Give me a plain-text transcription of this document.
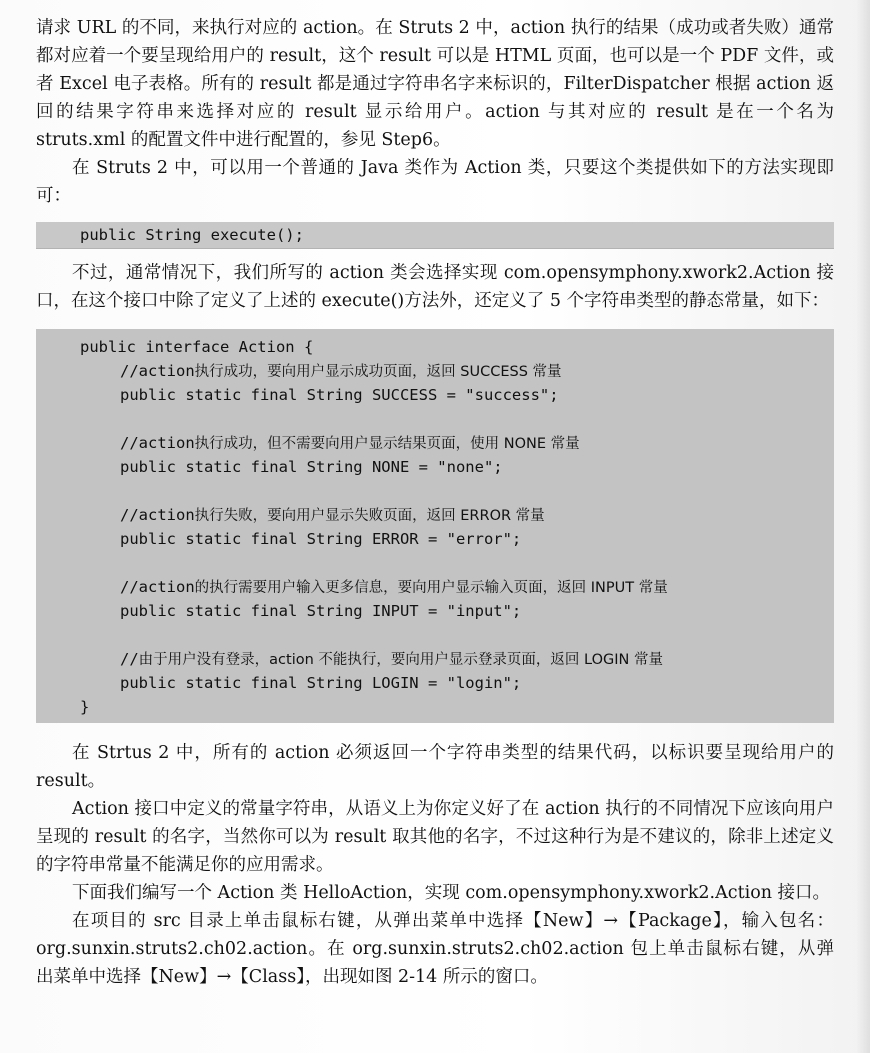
请求 URL 的不同，来执行对应的 action。在 Struts 2 中，action 执行的结果（成功或者失败）通常都对应着一个要呈现给用户的 result，这个 result 可以是 HTML 页面，也可以是一个 PDF 文件，或者 Excel 电子表格。所有的 result 都是通过字符串名字来标识的，FilterDispatcher 根据 action 返回的结果字符串来选择对应的 result 显示给用户。action 与其对应的 result 是在一个名为 struts.xml 的配置文件中进行配置的，参见 Step6。

在 Struts 2 中，可以用一个普通的 Java 类作为 Action 类，只要这个类提供如下的方法实现即可：

public String execute();

不过，通常情况下，我们所写的 action 类会选择实现 com.opensymphony.xwork2.Action 接口，在这个接口中除了定义了上述的 execute()方法外，还定义了 5 个字符串类型的静态常量，如下：

public interface Action {
//action执行成功，要向用户显示成功页面，返回 SUCCESS 常量
public static final String SUCCESS = "success";
//action执行成功，但不需要向用户显示结果页面，使用 NONE 常量
public static final String NONE = "none";
//action执行失败，要向用户显示失败页面，返回 ERROR 常量
public static final String ERROR = "error";
//action的执行需要用户输入更多信息，要向用户显示输入页面，返回 INPUT 常量
public static final String INPUT = "input";
//由于用户没有登录，action 不能执行，要向用户显示登录页面，返回 LOGIN 常量
public static final String LOGIN = "login";
}

在 Strtus 2 中，所有的 action 必须返回一个字符串类型的结果代码，以标识要呈现给用户的 result。

Action 接口中定义的常量字符串，从语义上为你定义好了在 action 执行的不同情况下应该向用户呈现的 result 的名字，当然你可以为 result 取其他的名字，不过这种行为是不建议的，除非上述定义的字符串常量不能满足你的应用需求。

下面我们编写一个 Action 类 HelloAction，实现 com.opensymphony.xwork2.Action 接口。

在项目的 src 目录上单击鼠标右键，从弹出菜单中选择【New】→【Package】，输入包名：org.sunxin.struts2.ch02.action。在 org.sunxin.struts2.ch02.action 包上单击鼠标右键，从弹出菜单中选择【New】→【Class】，出现如图 2-14 所示的窗口。
